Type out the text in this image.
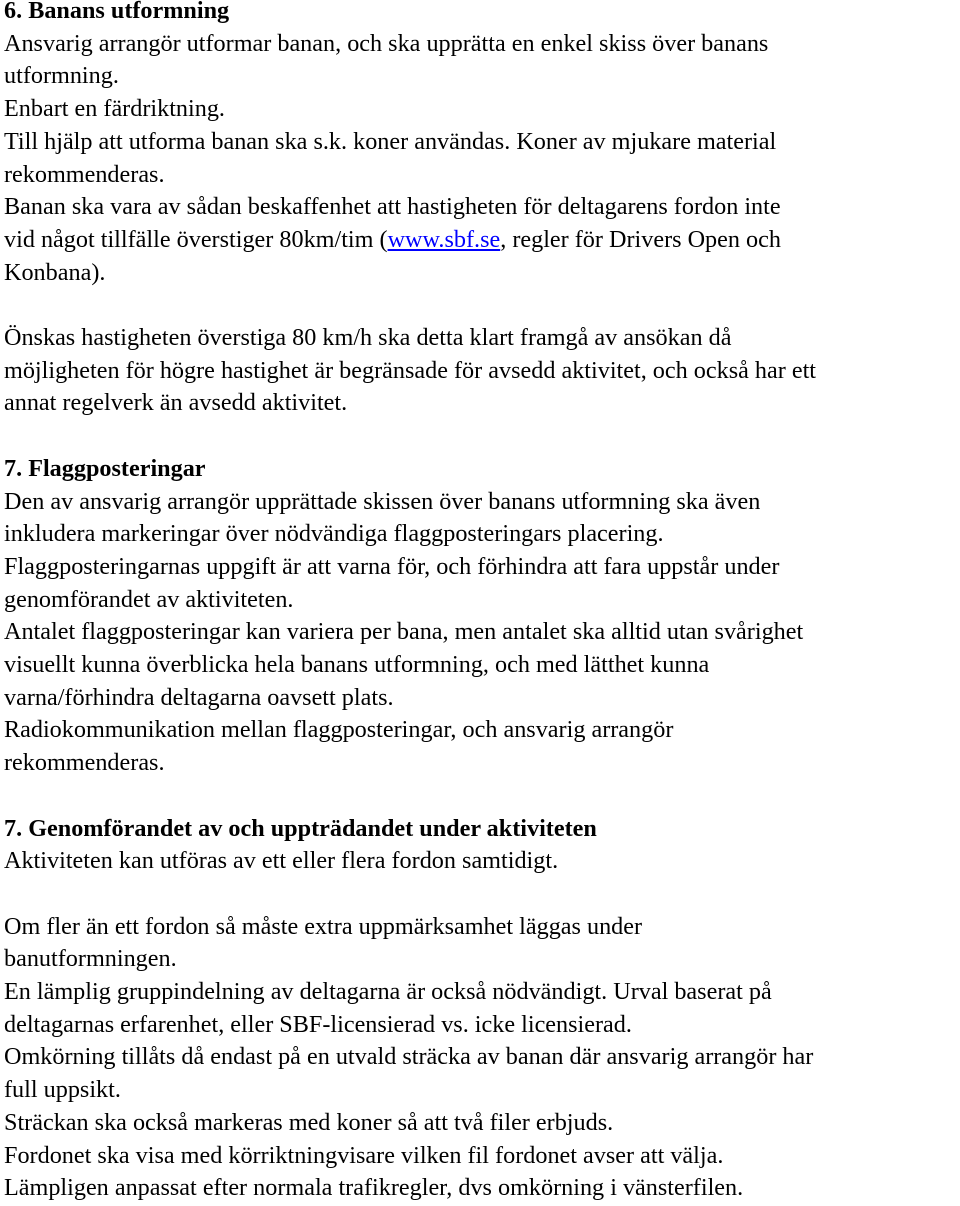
6. Banans utformning

Ansvarig arrangör utformar banan, och ska upprätta en enkel skiss över banans

utformning.

Enbart en färdriktning.

Till hjälp att utforma banan ska s.k. koner användas. Koner av mjukare material

rekommenderas.

Banan ska vara av sådan beskaffenhet att hastigheten för deltagarens fordon inte

vid något tillfälle överstiger 80km/tim (www.sbf.se, regler för Drivers Open och

Konbana).

Önskas hastigheten överstiga 80 km/h ska detta klart framgå av ansökan då

möjligheten för högre hastighet är begränsade för avsedd aktivitet, och också har ett

annat regelverk än avsedd aktivitet.

7. Flaggposteringar

Den av ansvarig arrangör upprättade skissen över banans utformning ska även

inkludera markeringar över nödvändiga flaggposteringars placering.

Flaggposteringarnas uppgift är att varna för, och förhindra att fara uppstår under

genomförandet av aktiviteten.

Antalet flaggposteringar kan variera per bana, men antalet ska alltid utan svårighet

visuellt kunna överblicka hela banans utformning, och med lätthet kunna

varna/förhindra deltagarna oavsett plats.

Radiokommunikation mellan flaggposteringar, och ansvarig arrangör

rekommenderas.

7. Genomförandet av och uppträdandet under aktiviteten

Aktiviteten kan utföras av ett eller flera fordon samtidigt.

Om fler än ett fordon så måste extra uppmärksamhet läggas under

banutformningen.

En lämplig gruppindelning av deltagarna är också nödvändigt. Urval baserat på

deltagarnas erfarenhet, eller SBF-licensierad vs. icke licensierad.

Omkörning tillåts då endast på en utvald sträcka av banan där ansvarig arrangör har

full uppsikt.

Sträckan ska också markeras med koner så att två filer erbjuds.

Fordonet ska visa med körriktningvisare vilken fil fordonet avser att välja.

Lämpligen anpassat efter normala trafikregler, dvs omkörning i vänsterfilen.
